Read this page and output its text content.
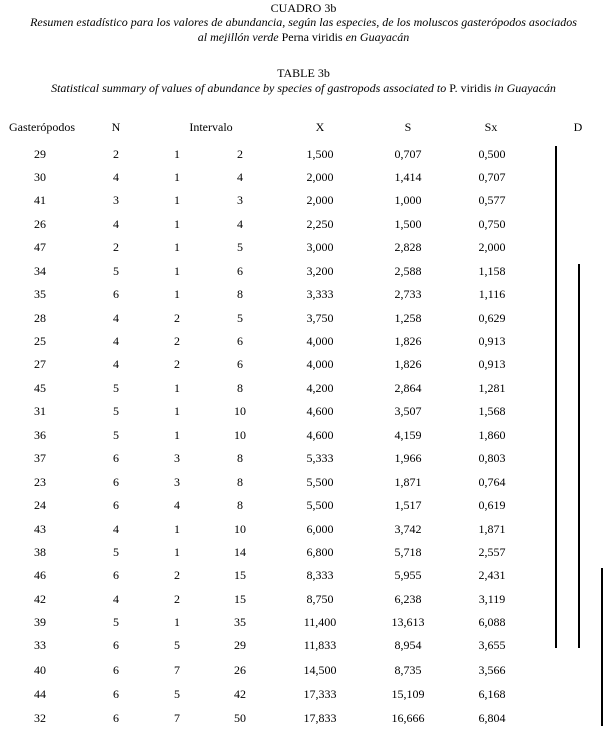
CUADRO 3b
Resumen estadístico para los valores de abundancia, según las especies, de los moluscos gasterópodos asociados
al mejillón verde Perna viridis en Guayacán
TABLE 3b
Statistical summary of values of abundance by species of gastropods associated to P. viridis in Guayacán
Gasterópodos	N	Intervalo	X	S	Sx	D
29	2	1	2	1,500	0,707	0,500
30	4	1	4	2,000	1,414	0,707
41	3	1	3	2,000	1,000	0,577
26	4	1	4	2,250	1,500	0,750
47	2	1	5	3,000	2,828	2,000
34	5	1	6	3,200	2,588	1,158
35	6	1	8	3,333	2,733	1,116
28	4	2	5	3,750	1,258	0,629
25	4	2	6	4,000	1,826	0,913
27	4	2	6	4,000	1,826	0,913
45	5	1	8	4,200	2,864	1,281
31	5	1	10	4,600	3,507	1,568
36	5	1	10	4,600	4,159	1,860
37	6	3	8	5,333	1,966	0,803
23	6	3	8	5,500	1,871	0,764
24	6	4	8	5,500	1,517	0,619
43	4	1	10	6,000	3,742	1,871
38	5	1	14	6,800	5,718	2,557
46	6	2	15	8,333	5,955	2,431
42	4	2	15	8,750	6,238	3,119
39	5	1	35	11,400	13,613	6,088
33	6	5	29	11,833	8,954	3,655
40	6	7	26	14,500	8,735	3,566
44	6	5	42	17,333	15,109	6,168
32	6	7	50	17,833	16,666	6,804
